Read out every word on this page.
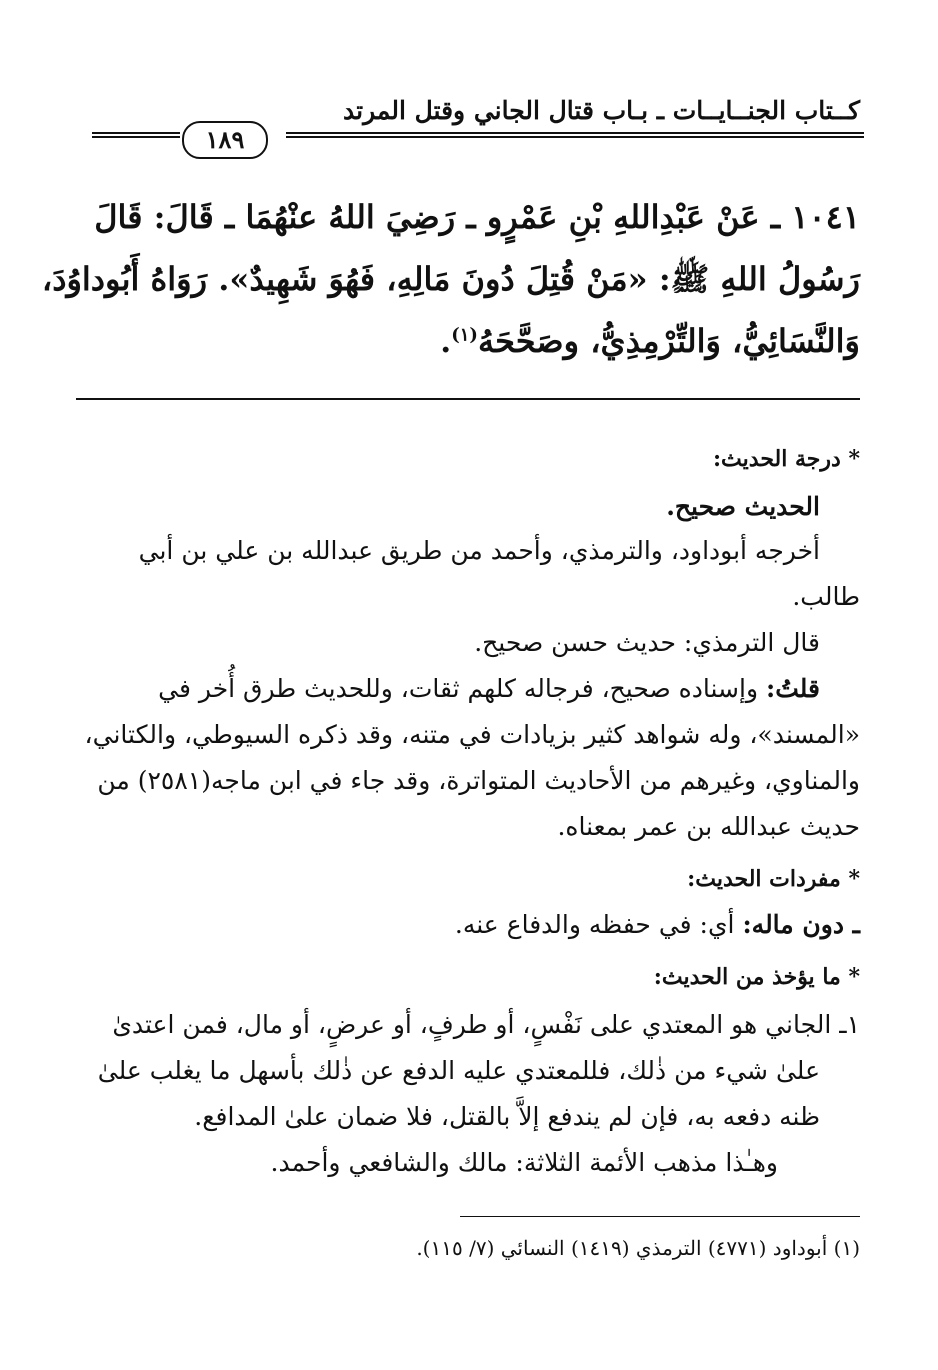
كــتاب الجنــايــات ـ بـاب قتال الجاني وقتل المرتد
١٨٩
١٠٤١ ـ عَنْ عَبْدِاللهِ بْنِ عَمْرٍو ـ رَضِيَ اللهُ عنْهُمَا ـ قَالَ: قَالَ
رَسُولُ اللهِ ﷺ: «مَنْ قُتِلَ دُونَ مَالِهِ، فَهُوَ شَهِيدٌ». رَوَاهُ أَبُوداوُدَ،
وَالنَّسَائِيُّ، وَالتِّرْمِذِيُّ، وصَحَّحَهُ$^{(١)}$.
* درجة الحديث:
الحديث صحيح.
أخرجه أبوداود، والترمذي، وأحمد من طريق عبدالله بن علي بن أبي
طالب.
قال الترمذي: حديث حسن صحيح.
قلتُ: وإسناده صحيح، فرجاله كلهم ثقات، وللحديث طرق أُخر في
«المسند»، وله شواهد كثير بزيادات في متنه، وقد ذكره السيوطي، والكتاني،
والمناوي، وغيرهم من الأحاديث المتواترة، وقد جاء في ابن ماجه(٢٥٨١) من
حديث عبدالله بن عمر بمعناه.
* مفردات الحديث:
ـ دون ماله: أي: في حفظه والدفاع عنه.
* ما يؤخذ من الحديث:
١ـ الجاني هو المعتدي على نَفْسٍ، أو طرفٍ، أو عرضٍ، أو مال، فمن اعتدىٰ
علىٰ شيء من ذٰلك، فللمعتدي عليه الدفع عن ذٰلك بأسهل ما يغلب علىٰ
ظنه دفعه به، فإن لم يندفع إلاَّ بالقتل، فلا ضمان علىٰ المدافع.
وهـٰذا مذهب الأئمة الثلاثة: مالك والشافعي وأحمد.
(١) أبوداود (٤٧٧١) الترمذي (١٤١٩) النسائي (٧/ ١١٥).
